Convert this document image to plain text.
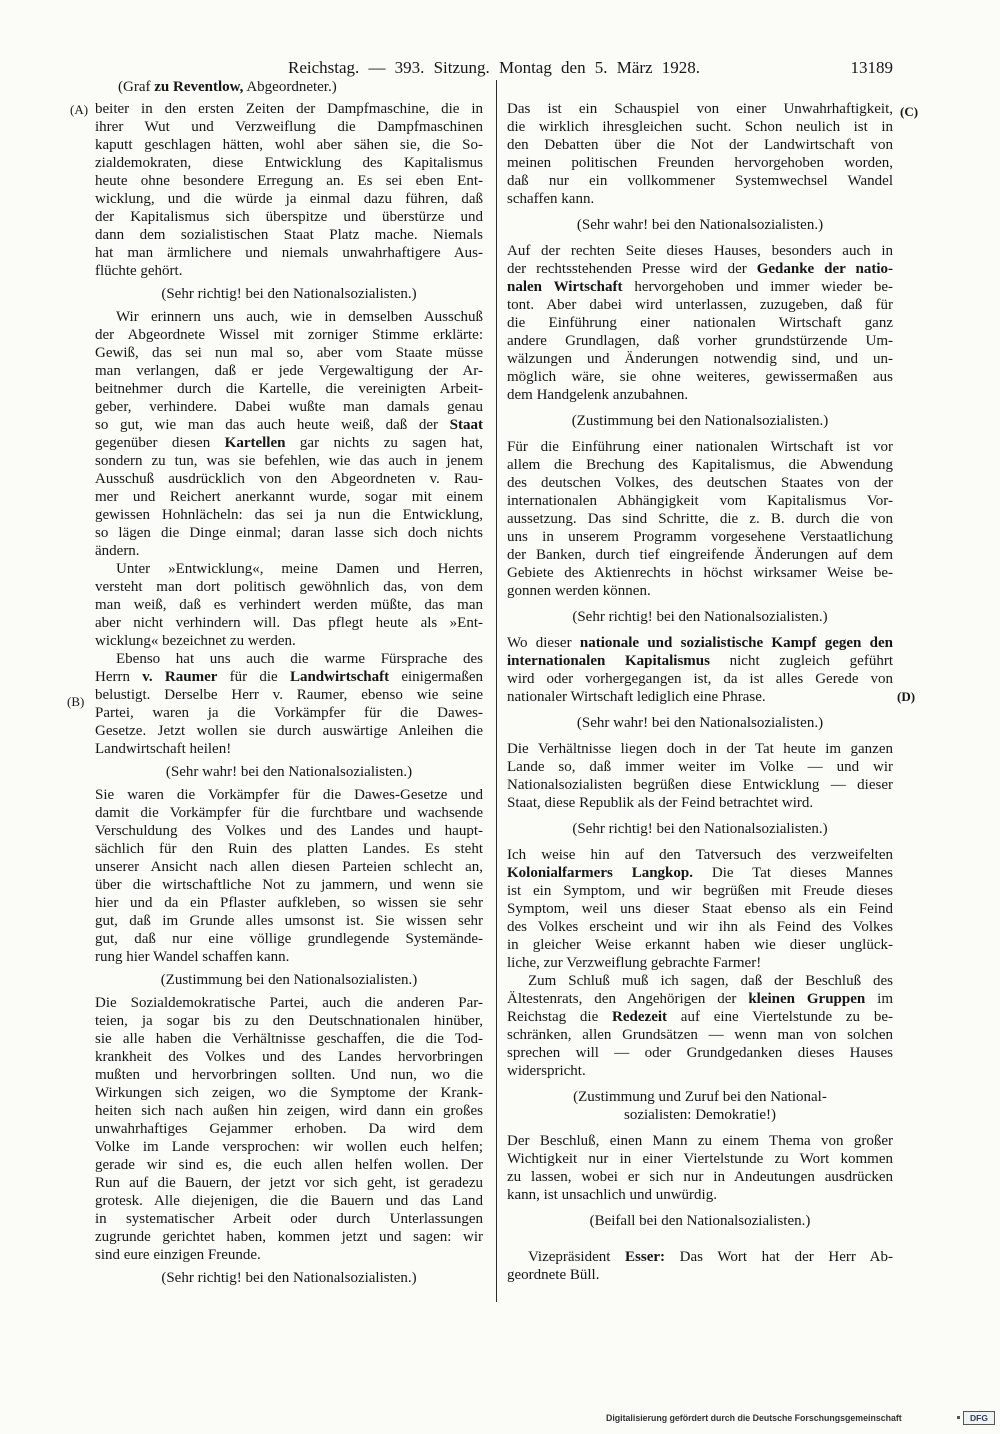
Reichstag. — 393. Sitzung. Montag den 5. März 1928.	13189
(A)
(B)
(C)
(D)
(Graf zu Reventlow, Abgeordneter.)
beiter in den ersten Zeiten der Dampfmaschine, die in
ihrer Wut und Verzweiflung die Dampfmaschinen
kaputt geschlagen hätten, wohl aber sähen sie, die So-
zialdemokraten, diese Entwicklung des Kapitalismus
heute ohne besondere Erregung an. Es sei eben Ent-
wicklung, und die würde ja einmal dazu führen, daß
der Kapitalismus sich überspitze und überstürze und
dann dem sozialistischen Staat Platz mache. Niemals
hat man ärmlichere und niemals unwahrhaftigere Aus-
flüchte gehört.
(Sehr richtig! bei den Nationalsozialisten.)
Wir erinnern uns auch, wie in demselben Ausschuß
der Abgeordnete Wissel mit zorniger Stimme erklärte:
Gewiß, das sei nun mal so, aber vom Staate müsse
man verlangen, daß er jede Vergewaltigung der Ar-
beitnehmer durch die Kartelle, die vereinigten Arbeit-
geber, verhindere. Dabei wußte man damals genau
so gut, wie man das auch heute weiß, daß der Staat
gegenüber diesen Kartellen gar nichts zu sagen hat,
sondern zu tun, was sie befehlen, wie das auch in jenem
Ausschuß ausdrücklich von den Abgeordneten v. Rau-
mer und Reichert anerkannt wurde, sogar mit einem
gewissen Hohnlächeln: das sei ja nun die Entwicklung,
so lägen die Dinge einmal; daran lasse sich doch nichts
ändern.
Unter »Entwicklung«, meine Damen und Herren,
versteht man dort politisch gewöhnlich das, von dem
man weiß, daß es verhindert werden müßte, das man
aber nicht verhindern will. Das pflegt heute als »Ent-
wicklung« bezeichnet zu werden.
Ebenso hat uns auch die warme Fürsprache des
Herrn v. Raumer für die Landwirtschaft einigermaßen
belustigt. Derselbe Herr v. Raumer, ebenso wie seine
Partei, waren ja die Vorkämpfer für die Dawes-
Gesetze. Jetzt wollen sie durch auswärtige Anleihen die
Landwirtschaft heilen!
(Sehr wahr! bei den Nationalsozialisten.)
Sie waren die Vorkämpfer für die Dawes-Gesetze und
damit die Vorkämpfer für die furchtbare und wachsende
Verschuldung des Volkes und des Landes und haupt-
sächlich für den Ruin des platten Landes. Es steht
unserer Ansicht nach allen diesen Parteien schlecht an,
über die wirtschaftliche Not zu jammern, und wenn sie
hier und da ein Pflaster aufkleben, so wissen sie sehr
gut, daß im Grunde alles umsonst ist. Sie wissen sehr
gut, daß nur eine völlige grundlegende Systemände-
rung hier Wandel schaffen kann.
(Zustimmung bei den Nationalsozialisten.)
Die Sozialdemokratische Partei, auch die anderen Par-
teien, ja sogar bis zu den Deutschnationalen hinüber,
sie alle haben die Verhältnisse geschaffen, die die Tod-
krankheit des Volkes und des Landes hervorbringen
mußten und hervorbringen sollten. Und nun, wo die
Wirkungen sich zeigen, wo die Symptome der Krank-
heiten sich nach außen hin zeigen, wird dann ein großes
unwahrhaftiges Gejammer erhoben. Da wird dem
Volke im Lande versprochen: wir wollen euch helfen;
gerade wir sind es, die euch allen helfen wollen. Der
Run auf die Bauern, der jetzt vor sich geht, ist geradezu
grotesk. Alle diejenigen, die die Bauern und das Land
in systematischer Arbeit oder durch Unterlassungen
zugrunde gerichtet haben, kommen jetzt und sagen: wir
sind eure einzigen Freunde.
(Sehr richtig! bei den Nationalsozialisten.)
Das ist ein Schauspiel von einer Unwahrhaftigkeit,
die wirklich ihresgleichen sucht. Schon neulich ist in
den Debatten über die Not der Landwirtschaft von
meinen politischen Freunden hervorgehoben worden,
daß nur ein vollkommener Systemwechsel Wandel
schaffen kann.
(Sehr wahr! bei den Nationalsozialisten.)
Auf der rechten Seite dieses Hauses, besonders auch in
der rechtsstehenden Presse wird der Gedanke der natio-
nalen Wirtschaft hervorgehoben und immer wieder be-
tont. Aber dabei wird unterlassen, zuzugeben, daß für
die Einführung einer nationalen Wirtschaft ganz
andere Grundlagen, daß vorher grundstürzende Um-
wälzungen und Änderungen notwendig sind, und un-
möglich wäre, sie ohne weiteres, gewissermaßen aus
dem Handgelenk anzubahnen.
(Zustimmung bei den Nationalsozialisten.)
Für die Einführung einer nationalen Wirtschaft ist vor
allem die Brechung des Kapitalismus, die Abwendung
des deutschen Volkes, des deutschen Staates von der
internationalen Abhängigkeit vom Kapitalismus Vor-
aussetzung. Das sind Schritte, die z. B. durch die von
uns in unserem Programm vorgesehene Verstaatlichung
der Banken, durch tief eingreifende Änderungen auf dem
Gebiete des Aktienrechts in höchst wirksamer Weise be-
gonnen werden können.
(Sehr richtig! bei den Nationalsozialisten.)
Wo dieser nationale und sozialistische Kampf gegen den
internationalen Kapitalismus nicht zugleich geführt
wird oder vorhergegangen ist, da ist alles Gerede von
nationaler Wirtschaft lediglich eine Phrase.
(Sehr wahr! bei den Nationalsozialisten.)
Die Verhältnisse liegen doch in der Tat heute im ganzen
Lande so, daß immer weiter im Volke — und wir
Nationalsozialisten begrüßen diese Entwicklung — dieser
Staat, diese Republik als der Feind betrachtet wird.
(Sehr richtig! bei den Nationalsozialisten.)
Ich weise hin auf den Tatversuch des verzweifelten
Kolonialfarmers Langkop. Die Tat dieses Mannes
ist ein Symptom, und wir begrüßen mit Freude dieses
Symptom, weil uns dieser Staat ebenso als ein Feind
des Volkes erscheint und wir ihn als Feind des Volkes
in gleicher Weise erkannt haben wie dieser unglück-
liche, zur Verzweiflung gebrachte Farmer!
Zum Schluß muß ich sagen, daß der Beschluß des
Ältestenrats, den Angehörigen der kleinen Gruppen im
Reichstag die Redezeit auf eine Viertelstunde zu be-
schränken, allen Grundsätzen — wenn man von solchen
sprechen will — oder Grundgedanken dieses Hauses
widerspricht.
(Zustimmung und Zuruf bei den National-
sozialisten: Demokratie!)
Der Beschluß, einen Mann zu einem Thema von großer
Wichtigkeit nur in einer Viertelstunde zu Wort kommen
zu lassen, wobei er sich nur in Andeutungen ausdrücken
kann, ist unsachlich und unwürdig.
(Beifall bei den Nationalsozialisten.)
Vizepräsident Esser: Das Wort hat der Herr Ab-
geordnete Büll.
Digitalisierung gefördert durch die Deutsche Forschungsgemeinschaft	DFG
